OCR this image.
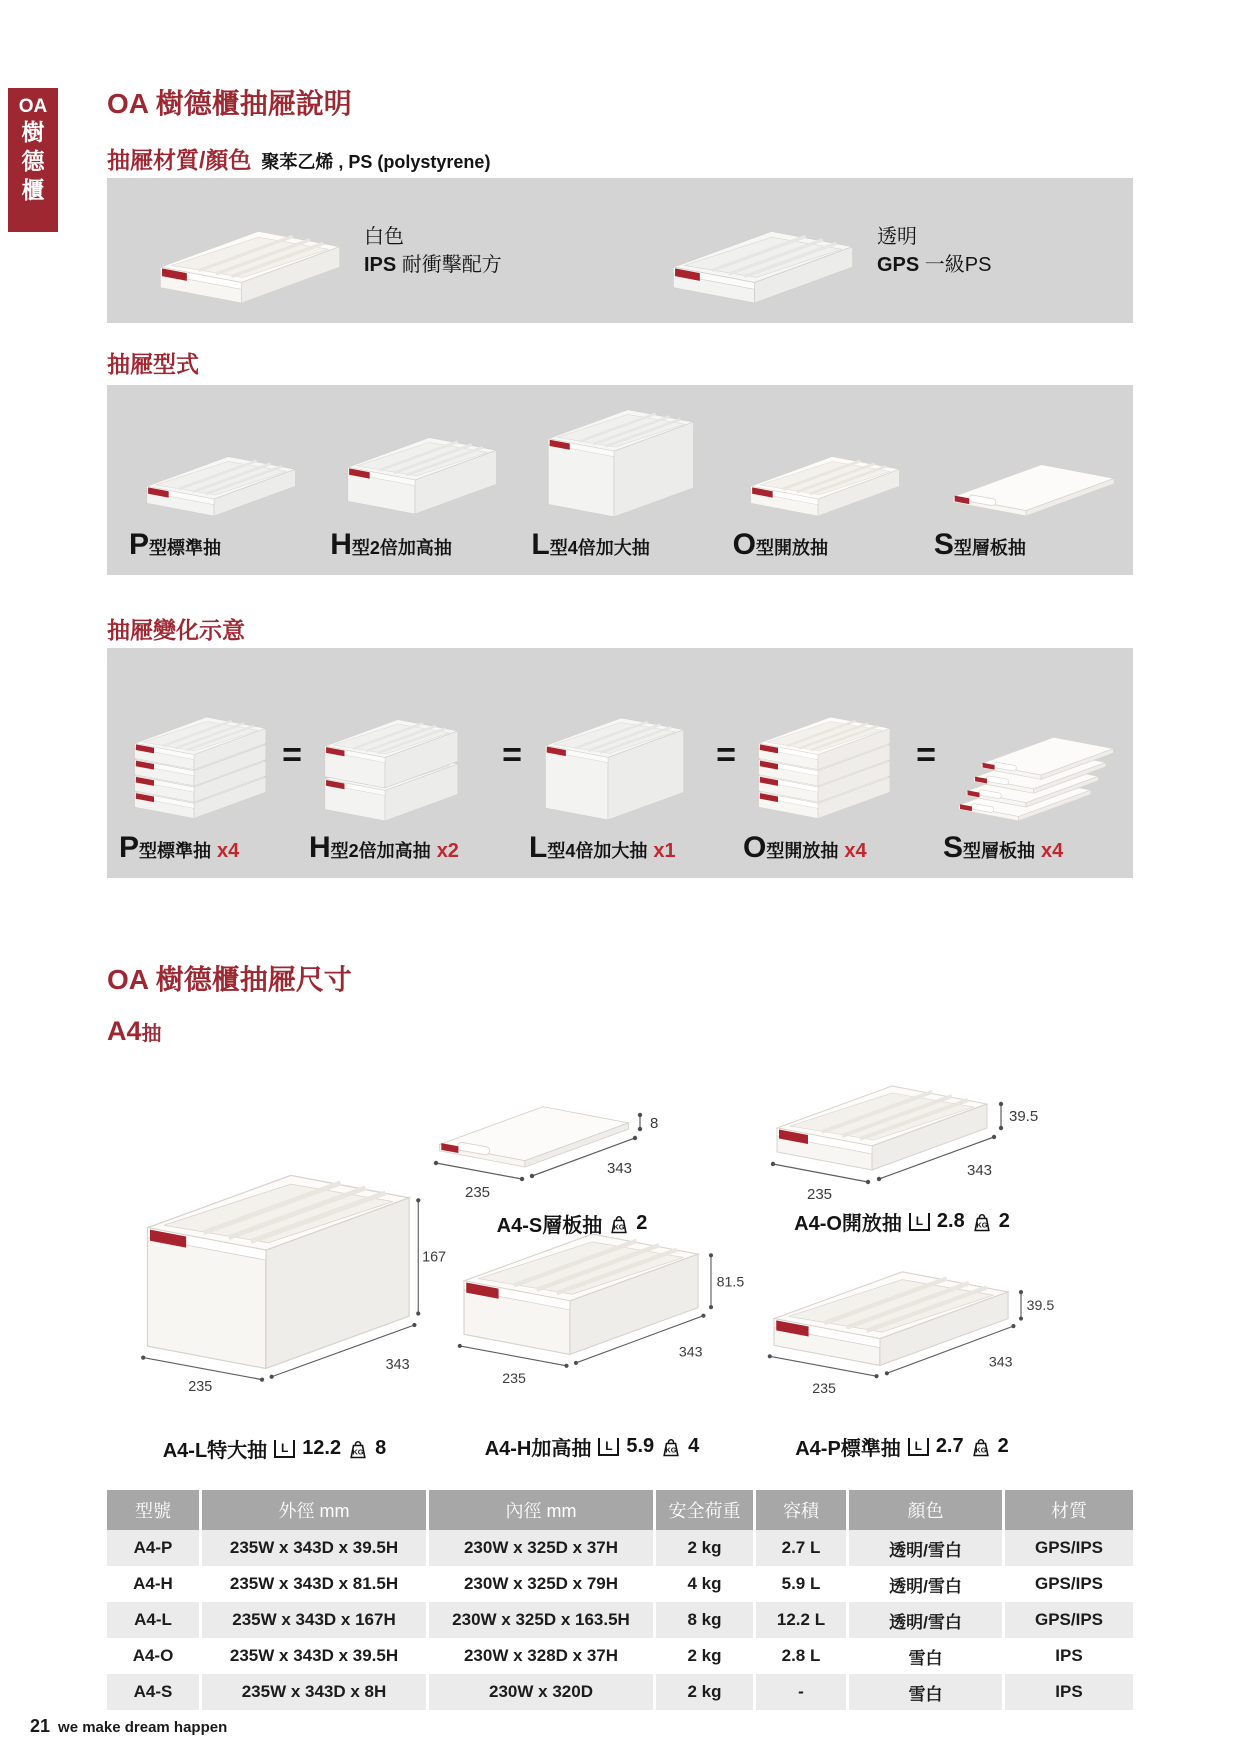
OA
樹
德
櫃
OA 樹德櫃抽屜說明
抽屜材質/顏色 聚苯乙烯 , PS (polystyrene)
白色
IPS 耐衝擊配方
透明
GPS 一級PS
抽屜型式
P 型標準抽	H 型2倍加高抽	L 型4倍加大抽	O 型開放抽	S 型層板抽
抽屜變化示意
P 型標準抽 x4
=
H 型2倍加高抽 x2
=
L 型4倍加大抽 x1
=
O 型開放抽 x4
=
S 型層板抽 x4
OA 樹德櫃抽屜尺寸
A4抽
8
343
235
A4-S層板抽 KG 2
39.5
343
235
A4-O開放抽	L 2.8 KG 2
167
343
235
A4-L特大抽	L 12.2 KG 8
81.5
343
235
A4-H加高抽	L 5.9 KG 4
39.5
343
235
A4-P標準抽	L 2.7 KG 2
型號	外徑 mm	內徑 mm	安全荷重	容積	顏色	材質
A4-P	235W x 343D x 39.5H	230W x 325D x 37H	2 kg	2.7 L	透明/雪白	GPS/IPS
A4-H	235W x 343D x 81.5H	230W x 325D x 79H	4 kg	5.9 L	透明/雪白	GPS/IPS
A4-L	235W x 343D x 167H	230W x 325D x 163.5H	8 kg	12.2 L	透明/雪白	GPS/IPS
A4-O	235W x 343D x 39.5H	230W x 328D x 37H	2 kg	2.8 L	雪白	IPS
A4-S	235W x 343D x 8H	230W x 320D	2 kg	-	雪白	IPS
21 we make dream happen
